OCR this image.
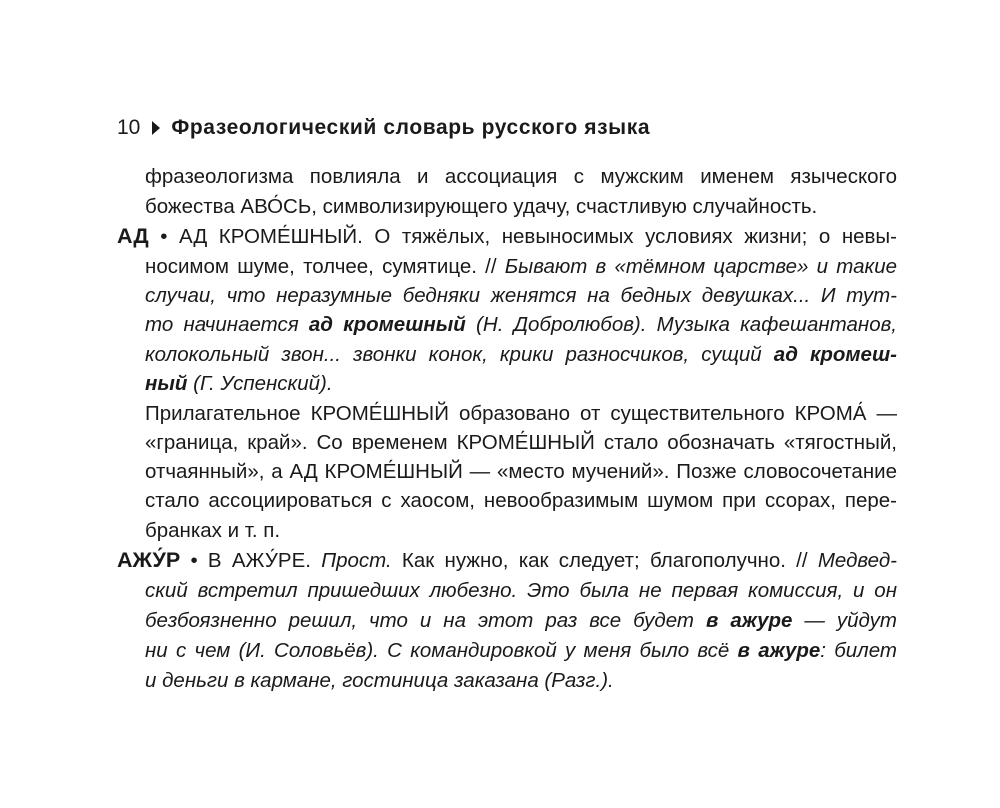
10 Фразеологический словарь русского языка
фразеологизма повлияла и ассоциация с мужским именем языческого
божества АВО́СЬ, символизирующего удачу, счастливую случайность.
АД • АД КРОМЕ́ШНЫЙ. О тяжёлых, невыносимых условиях жизни; о невы-
носимом шуме, толчее, сумятице. // Бывают в «тёмном царстве» и такие
случаи, что неразумные бедняки женятся на бедных девушках... И тут-
то начинается ад кромешный (Н. Добролюбов). Музыка кафешантанов,
колокольный звон... звонки конок, крики разносчиков, сущий ад кромеш-
ный (Г. Успенский).
Прилагательное КРОМЕ́ШНЫЙ образовано от существительного КРОМА́ —
«граница, край». Со временем КРОМЕ́ШНЫЙ стало обозначать «тягостный,
отчаянный», а АД КРОМЕ́ШНЫЙ — «место мучений». Позже словосочетание
стало ассоциироваться с хаосом, невообразимым шумом при ссорах, пере-
бранках и т. п.
АЖУ́Р • В АЖУ́РЕ. Прост. Как нужно, как следует; благополучно. // Медвед-
ский встретил пришедших любезно. Это была не первая комиссия, и он
безбоязненно решил, что и на этот раз все будет в ажуре — уйдут
ни с чем (И. Соловьёв). С командировкой у меня было всё в ажуре: билет
и деньги в кармане, гостиница заказана (Разг.).
